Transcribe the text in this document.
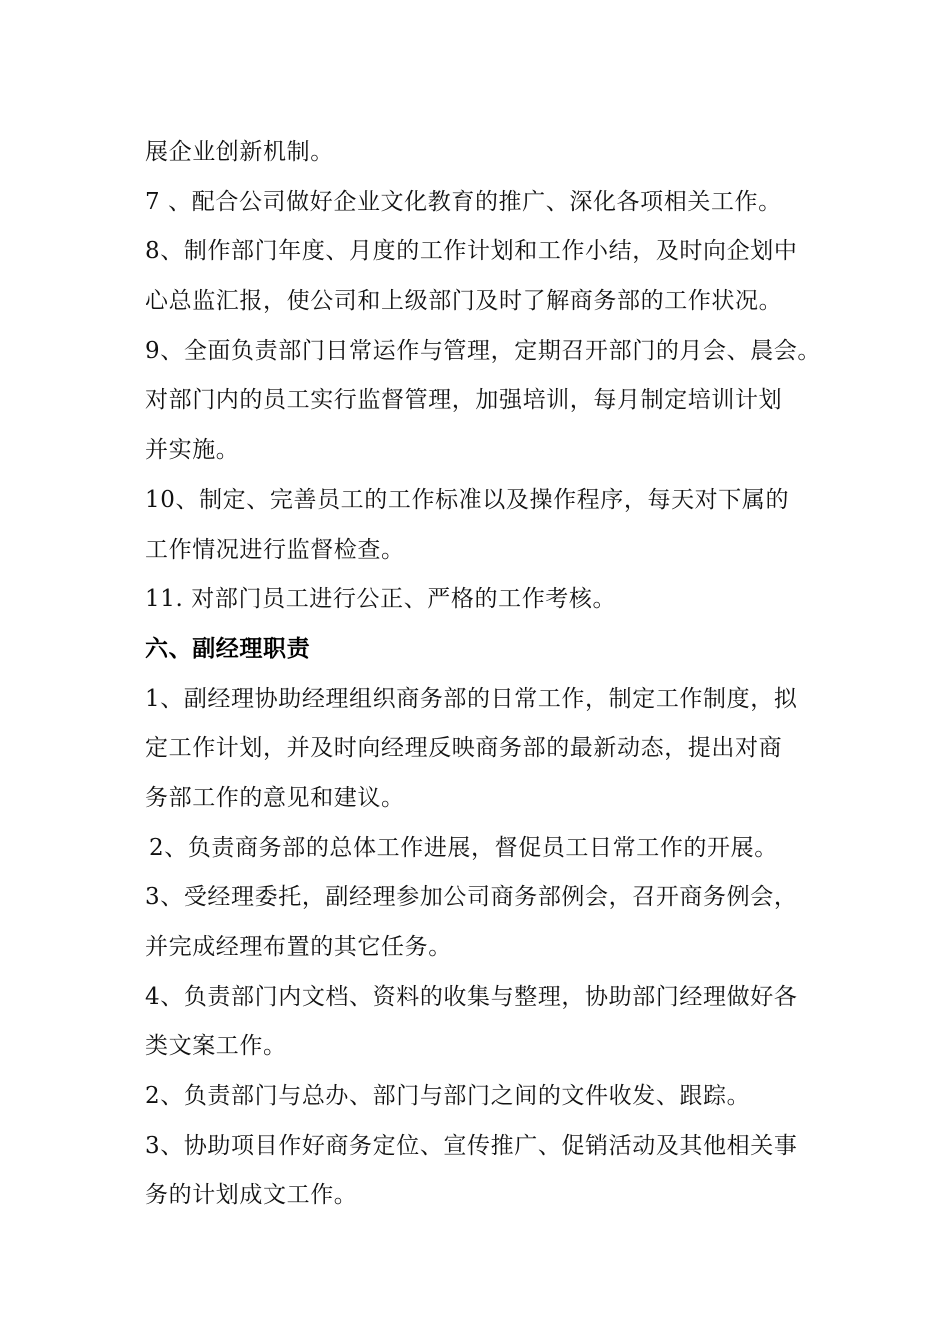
展企业创新机制。
7 、配合公司做好企业文化教育的推广、深化各项相关工作。
8、制作部门年度、月度的工作计划和工作小结，及时向企划中
心总监汇报，使公司和上级部门及时了解商务部的工作状况。
9、全面负责部门日常运作与管理，定期召开部门的月会、晨会。
对部门内的员工实行监督管理，加强培训，每月制定培训计划
并实施。
10、制定、完善员工的工作标准以及操作程序，每天对下属的
工作情况进行监督检查。
11. 对部门员工进行公正、严格的工作考核。
六、副经理职责
1、副经理协助经理组织商务部的日常工作，制定工作制度，拟
定工作计划，并及时向经理反映商务部的最新动态，提出对商
务部工作的意见和建议。
2、负责商务部的总体工作进展，督促员工日常工作的开展。
3、受经理委托，副经理参加公司商务部例会，召开商务例会，
并完成经理布置的其它任务。
4、负责部门内文档、资料的收集与整理，协助部门经理做好各
类文案工作。
2、负责部门与总办、部门与部门之间的文件收发、跟踪。
3、协助项目作好商务定位、宣传推广、促销活动及其他相关事
务的计划成文工作。
